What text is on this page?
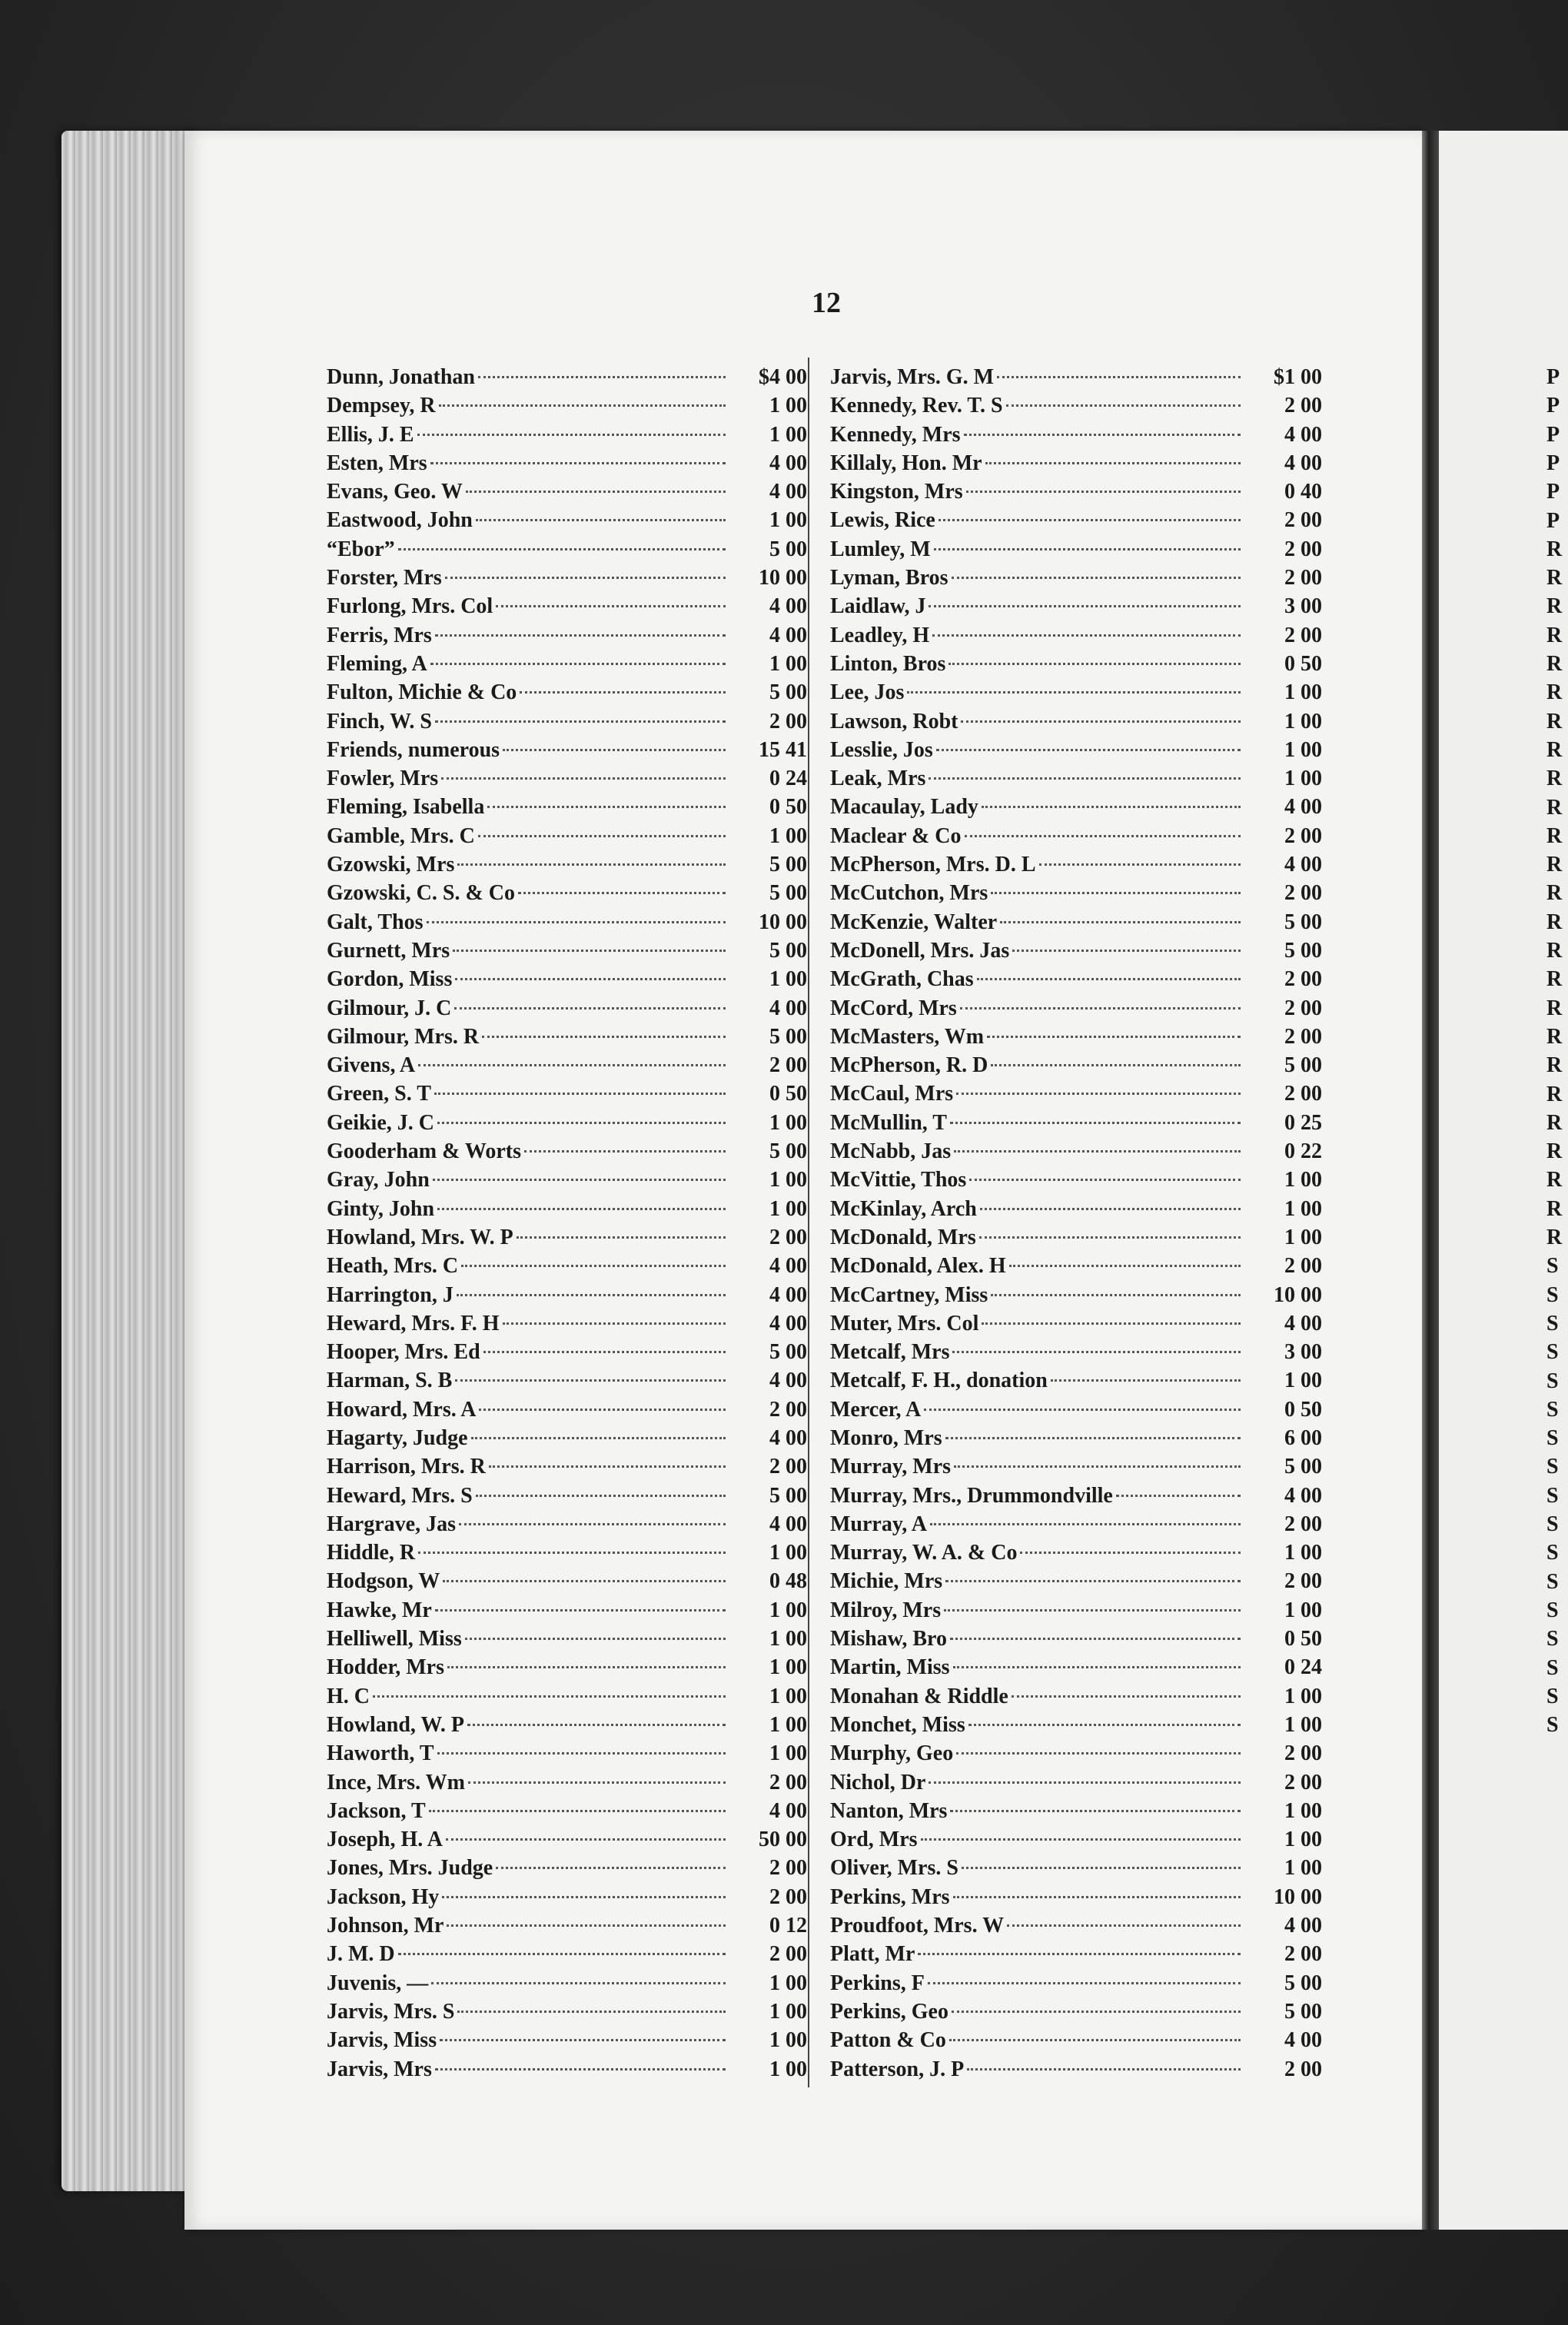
P
P
P
P
P
P
R
R
R
R
R
R
R
R
R
R
R
R
R
R
R
R
R
R
R
R
R
R
R
R
R
S
S
S
S
S
S
S
S
S
S
S
S
S
S
S
S
S
12
Dunn, Jonathan	$4 00
Dempsey, R	1 00
Ellis, J. E	1 00
Esten, Mrs	4 00
Evans, Geo. W	4 00
Eastwood, John	1 00
“Ebor”	5 00
Forster, Mrs	10 00
Furlong, Mrs. Col	4 00
Ferris, Mrs	4 00
Fleming, A	1 00
Fulton, Michie & Co	5 00
Finch, W. S	2 00
Friends, numerous	15 41
Fowler, Mrs	0 24
Fleming, Isabella	0 50
Gamble, Mrs. C	1 00
Gzowski, Mrs	5 00
Gzowski, C. S. & Co	5 00
Galt, Thos	10 00
Gurnett, Mrs	5 00
Gordon, Miss	1 00
Gilmour, J. C	4 00
Gilmour, Mrs. R	5 00
Givens, A	2 00
Green, S. T	0 50
Geikie, J. C	1 00
Gooderham & Worts	5 00
Gray, John	1 00
Ginty, John	1 00
Howland, Mrs. W. P	2 00
Heath, Mrs. C	4 00
Harrington, J	4 00
Heward, Mrs. F. H	4 00
Hooper, Mrs. Ed	5 00
Harman, S. B	4 00
Howard, Mrs. A	2 00
Hagarty, Judge	4 00
Harrison, Mrs. R	2 00
Heward, Mrs. S	5 00
Hargrave, Jas	4 00
Hiddle, R	1 00
Hodgson, W	0 48
Hawke, Mr	1 00
Helliwell, Miss	1 00
Hodder, Mrs	1 00
H. C	1 00
Howland, W. P	1 00
Haworth, T	1 00
Ince, Mrs. Wm	2 00
Jackson, T	4 00
Joseph, H. A	50 00
Jones, Mrs. Judge	2 00
Jackson, Hy	2 00
Johnson, Mr	0 12
J. M. D	2 00
Juvenis, —	1 00
Jarvis, Mrs. S	1 00
Jarvis, Miss	1 00
Jarvis, Mrs	1 00
Jarvis, Mrs. G. M	$1 00
Kennedy, Rev. T. S	2 00
Kennedy, Mrs	4 00
Killaly, Hon. Mr	4 00
Kingston, Mrs	0 40
Lewis, Rice	2 00
Lumley, M	2 00
Lyman, Bros	2 00
Laidlaw, J	3 00
Leadley, H	2 00
Linton, Bros	0 50
Lee, Jos	1 00
Lawson, Robt	1 00
Lesslie, Jos	1 00
Leak, Mrs	1 00
Macaulay, Lady	4 00
Maclear & Co	2 00
McPherson, Mrs. D. L	4 00
McCutchon, Mrs	2 00
McKenzie, Walter	5 00
McDonell, Mrs. Jas	5 00
McGrath, Chas	2 00
McCord, Mrs	2 00
McMasters, Wm	2 00
McPherson, R. D	5 00
McCaul, Mrs	2 00
McMullin, T	0 25
McNabb, Jas	0 22
McVittie, Thos	1 00
McKinlay, Arch	1 00
McDonald, Mrs	1 00
McDonald, Alex. H	2 00
McCartney, Miss	10 00
Muter, Mrs. Col	4 00
Metcalf, Mrs	3 00
Metcalf, F. H., donation	1 00
Mercer, A	0 50
Monro, Mrs	6 00
Murray, Mrs	5 00
Murray, Mrs., Drummondville	4 00
Murray, A	2 00
Murray, W. A. & Co	1 00
Michie, Mrs	2 00
Milroy, Mrs	1 00
Mishaw, Bro	0 50
Martin, Miss	0 24
Monahan & Riddle	1 00
Monchet, Miss	1 00
Murphy, Geo	2 00
Nichol, Dr	2 00
Nanton, Mrs	1 00
Ord, Mrs	1 00
Oliver, Mrs. S	1 00
Perkins, Mrs	10 00
Proudfoot, Mrs. W	4 00
Platt, Mr	2 00
Perkins, F	5 00
Perkins, Geo	5 00
Patton & Co	4 00
Patterson, J. P	2 00
